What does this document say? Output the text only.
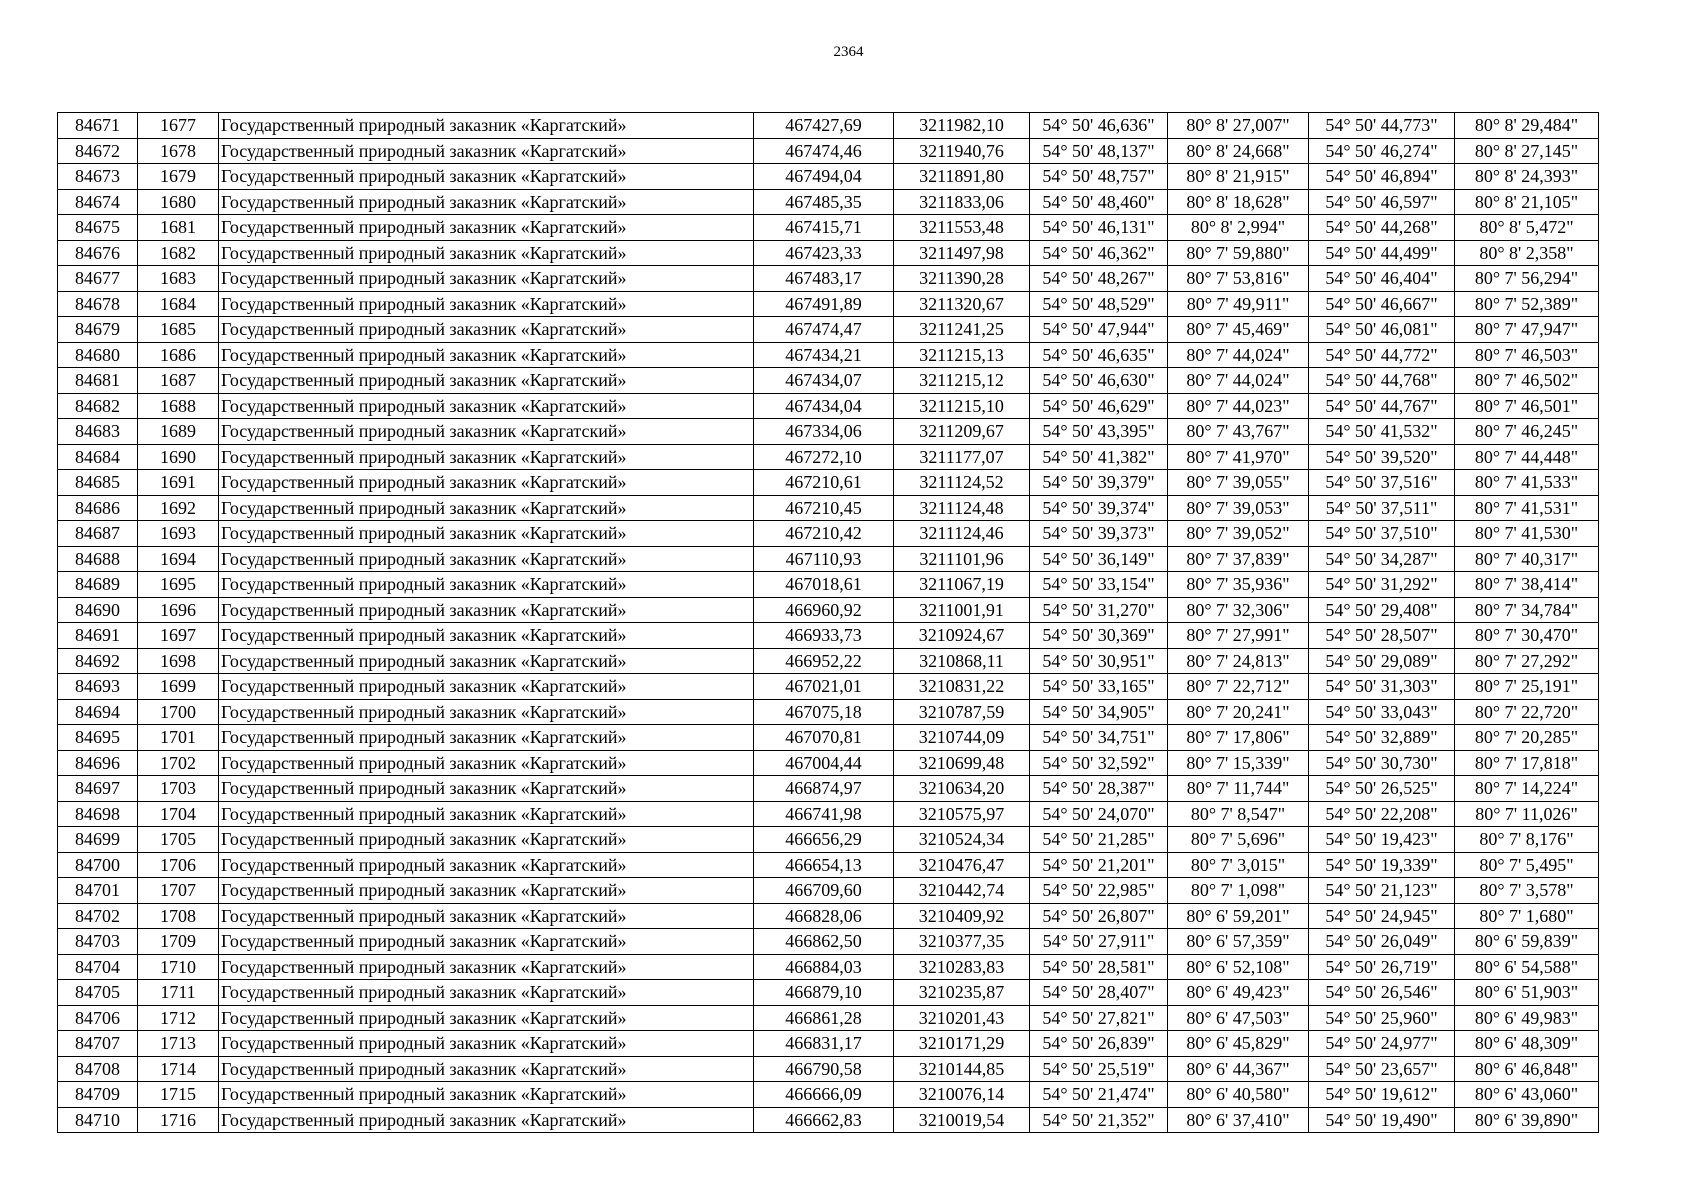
2364
84671	1677	Государственный природный заказник «Каргатский»	467427,69	3211982,10	54° 50' 46,636"	80° 8' 27,007"	54° 50' 44,773"	80° 8' 29,484"
84672	1678	Государственный природный заказник «Каргатский»	467474,46	3211940,76	54° 50' 48,137"	80° 8' 24,668"	54° 50' 46,274"	80° 8' 27,145"
84673	1679	Государственный природный заказник «Каргатский»	467494,04	3211891,80	54° 50' 48,757"	80° 8' 21,915"	54° 50' 46,894"	80° 8' 24,393"
84674	1680	Государственный природный заказник «Каргатский»	467485,35	3211833,06	54° 50' 48,460"	80° 8' 18,628"	54° 50' 46,597"	80° 8' 21,105"
84675	1681	Государственный природный заказник «Каргатский»	467415,71	3211553,48	54° 50' 46,131"	80° 8' 2,994"	54° 50' 44,268"	80° 8' 5,472"
84676	1682	Государственный природный заказник «Каргатский»	467423,33	3211497,98	54° 50' 46,362"	80° 7' 59,880"	54° 50' 44,499"	80° 8' 2,358"
84677	1683	Государственный природный заказник «Каргатский»	467483,17	3211390,28	54° 50' 48,267"	80° 7' 53,816"	54° 50' 46,404"	80° 7' 56,294"
84678	1684	Государственный природный заказник «Каргатский»	467491,89	3211320,67	54° 50' 48,529"	80° 7' 49,911"	54° 50' 46,667"	80° 7' 52,389"
84679	1685	Государственный природный заказник «Каргатский»	467474,47	3211241,25	54° 50' 47,944"	80° 7' 45,469"	54° 50' 46,081"	80° 7' 47,947"
84680	1686	Государственный природный заказник «Каргатский»	467434,21	3211215,13	54° 50' 46,635"	80° 7' 44,024"	54° 50' 44,772"	80° 7' 46,503"
84681	1687	Государственный природный заказник «Каргатский»	467434,07	3211215,12	54° 50' 46,630"	80° 7' 44,024"	54° 50' 44,768"	80° 7' 46,502"
84682	1688	Государственный природный заказник «Каргатский»	467434,04	3211215,10	54° 50' 46,629"	80° 7' 44,023"	54° 50' 44,767"	80° 7' 46,501"
84683	1689	Государственный природный заказник «Каргатский»	467334,06	3211209,67	54° 50' 43,395"	80° 7' 43,767"	54° 50' 41,532"	80° 7' 46,245"
84684	1690	Государственный природный заказник «Каргатский»	467272,10	3211177,07	54° 50' 41,382"	80° 7' 41,970"	54° 50' 39,520"	80° 7' 44,448"
84685	1691	Государственный природный заказник «Каргатский»	467210,61	3211124,52	54° 50' 39,379"	80° 7' 39,055"	54° 50' 37,516"	80° 7' 41,533"
84686	1692	Государственный природный заказник «Каргатский»	467210,45	3211124,48	54° 50' 39,374"	80° 7' 39,053"	54° 50' 37,511"	80° 7' 41,531"
84687	1693	Государственный природный заказник «Каргатский»	467210,42	3211124,46	54° 50' 39,373"	80° 7' 39,052"	54° 50' 37,510"	80° 7' 41,530"
84688	1694	Государственный природный заказник «Каргатский»	467110,93	3211101,96	54° 50' 36,149"	80° 7' 37,839"	54° 50' 34,287"	80° 7' 40,317"
84689	1695	Государственный природный заказник «Каргатский»	467018,61	3211067,19	54° 50' 33,154"	80° 7' 35,936"	54° 50' 31,292"	80° 7' 38,414"
84690	1696	Государственный природный заказник «Каргатский»	466960,92	3211001,91	54° 50' 31,270"	80° 7' 32,306"	54° 50' 29,408"	80° 7' 34,784"
84691	1697	Государственный природный заказник «Каргатский»	466933,73	3210924,67	54° 50' 30,369"	80° 7' 27,991"	54° 50' 28,507"	80° 7' 30,470"
84692	1698	Государственный природный заказник «Каргатский»	466952,22	3210868,11	54° 50' 30,951"	80° 7' 24,813"	54° 50' 29,089"	80° 7' 27,292"
84693	1699	Государственный природный заказник «Каргатский»	467021,01	3210831,22	54° 50' 33,165"	80° 7' 22,712"	54° 50' 31,303"	80° 7' 25,191"
84694	1700	Государственный природный заказник «Каргатский»	467075,18	3210787,59	54° 50' 34,905"	80° 7' 20,241"	54° 50' 33,043"	80° 7' 22,720"
84695	1701	Государственный природный заказник «Каргатский»	467070,81	3210744,09	54° 50' 34,751"	80° 7' 17,806"	54° 50' 32,889"	80° 7' 20,285"
84696	1702	Государственный природный заказник «Каргатский»	467004,44	3210699,48	54° 50' 32,592"	80° 7' 15,339"	54° 50' 30,730"	80° 7' 17,818"
84697	1703	Государственный природный заказник «Каргатский»	466874,97	3210634,20	54° 50' 28,387"	80° 7' 11,744"	54° 50' 26,525"	80° 7' 14,224"
84698	1704	Государственный природный заказник «Каргатский»	466741,98	3210575,97	54° 50' 24,070"	80° 7' 8,547"	54° 50' 22,208"	80° 7' 11,026"
84699	1705	Государственный природный заказник «Каргатский»	466656,29	3210524,34	54° 50' 21,285"	80° 7' 5,696"	54° 50' 19,423"	80° 7' 8,176"
84700	1706	Государственный природный заказник «Каргатский»	466654,13	3210476,47	54° 50' 21,201"	80° 7' 3,015"	54° 50' 19,339"	80° 7' 5,495"
84701	1707	Государственный природный заказник «Каргатский»	466709,60	3210442,74	54° 50' 22,985"	80° 7' 1,098"	54° 50' 21,123"	80° 7' 3,578"
84702	1708	Государственный природный заказник «Каргатский»	466828,06	3210409,92	54° 50' 26,807"	80° 6' 59,201"	54° 50' 24,945"	80° 7' 1,680"
84703	1709	Государственный природный заказник «Каргатский»	466862,50	3210377,35	54° 50' 27,911"	80° 6' 57,359"	54° 50' 26,049"	80° 6' 59,839"
84704	1710	Государственный природный заказник «Каргатский»	466884,03	3210283,83	54° 50' 28,581"	80° 6' 52,108"	54° 50' 26,719"	80° 6' 54,588"
84705	1711	Государственный природный заказник «Каргатский»	466879,10	3210235,87	54° 50' 28,407"	80° 6' 49,423"	54° 50' 26,546"	80° 6' 51,903"
84706	1712	Государственный природный заказник «Каргатский»	466861,28	3210201,43	54° 50' 27,821"	80° 6' 47,503"	54° 50' 25,960"	80° 6' 49,983"
84707	1713	Государственный природный заказник «Каргатский»	466831,17	3210171,29	54° 50' 26,839"	80° 6' 45,829"	54° 50' 24,977"	80° 6' 48,309"
84708	1714	Государственный природный заказник «Каргатский»	466790,58	3210144,85	54° 50' 25,519"	80° 6' 44,367"	54° 50' 23,657"	80° 6' 46,848"
84709	1715	Государственный природный заказник «Каргатский»	466666,09	3210076,14	54° 50' 21,474"	80° 6' 40,580"	54° 50' 19,612"	80° 6' 43,060"
84710	1716	Государственный природный заказник «Каргатский»	466662,83	3210019,54	54° 50' 21,352"	80° 6' 37,410"	54° 50' 19,490"	80° 6' 39,890"
